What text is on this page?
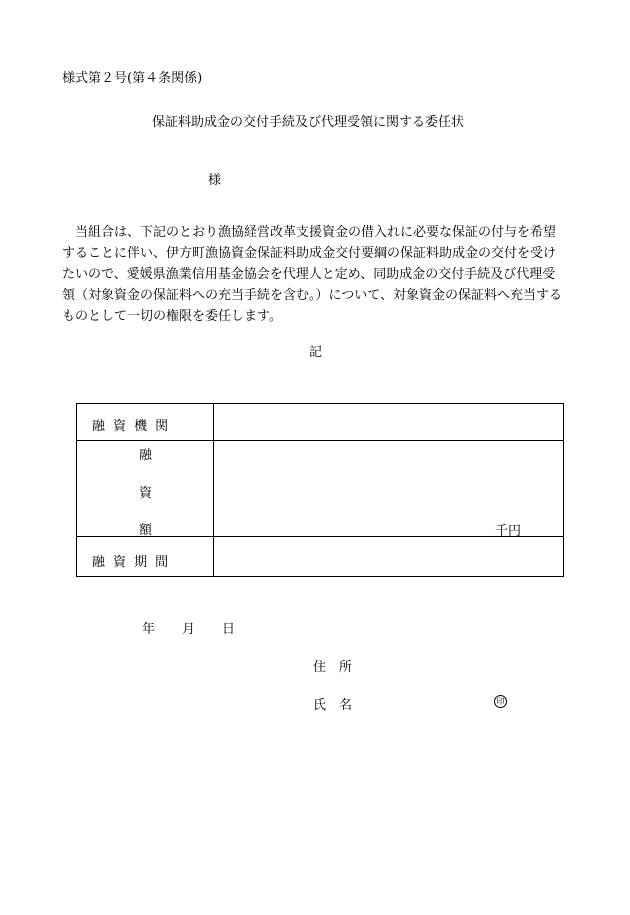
様式第２号(第４条関係)
保証料助成金の交付手続及び代理受領に関する委任状
様

当組合は、下記のとおり漁協経営改革支援資金の借入れに必要な保証の付与を希望

することに伴い、伊方町漁協資金保証料助成金交付要綱の保証料助成金の交付を受け

たいので、愛媛県漁業信用基金協会を代理人と定め、同助成金の交付手続及び代理受

領（対象資金の保証料への充当手続を含む。）について、対象資金の保証料へ充当する

ものとして一切の権限を委任します。

記
融資機関	

融
資
額	千円

融資期間	

年 月 日
住　所
氏　名	印
